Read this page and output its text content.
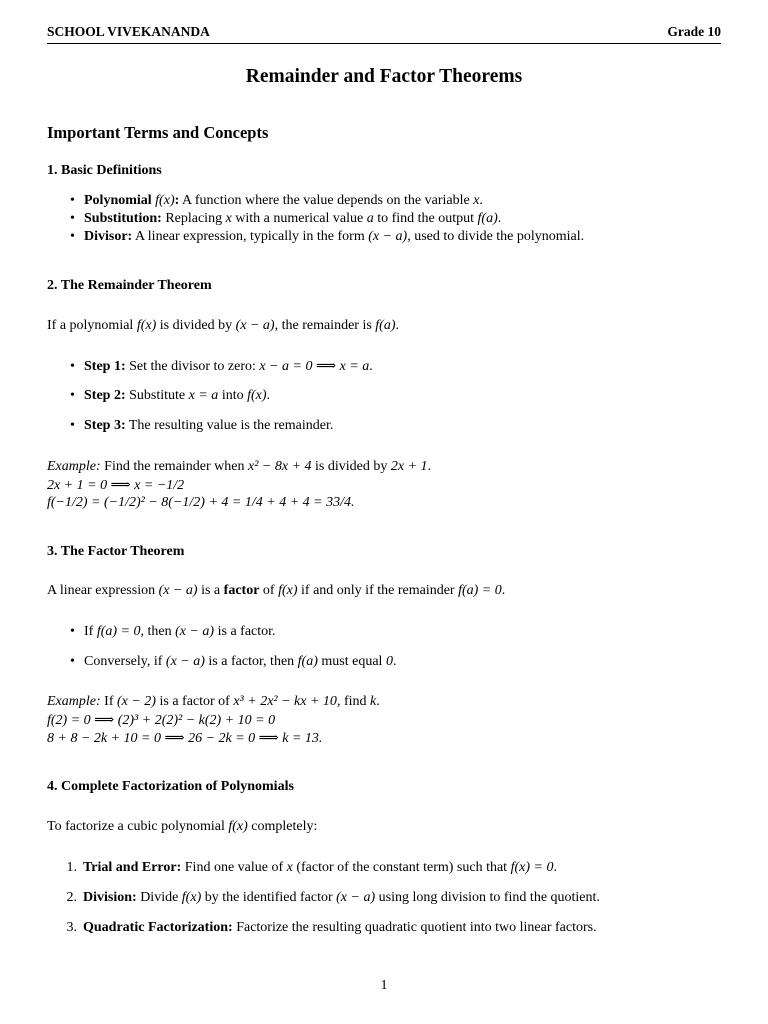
SCHOOL VIVEKANANDA	Grade 10
Remainder and Factor Theorems
Important Terms and Concepts
1. Basic Definitions
• Polynomial f(x): A function where the value depends on the variable x.
• Substitution: Replacing x with a numerical value a to find the output f(a).
• Divisor: A linear expression, typically in the form (x − a), used to divide the polynomial.
2. The Remainder Theorem
If a polynomial f(x) is divided by (x − a), the remainder is f(a).
• Step 1: Set the divisor to zero: x − a = 0 ⟹ x = a.
• Step 2: Substitute x = a into f(x).
• Step 3: The resulting value is the remainder.
Example: Find the remainder when x² − 8x + 4 is divided by 2x + 1.
2x + 1 = 0 ⟹ x = −1/2
f(−1/2) = (−1/2)² − 8(−1/2) + 4 = 1/4 + 4 + 4 = 33/4.
3. The Factor Theorem
A linear expression (x − a) is a factor of f(x) if and only if the remainder f(a) = 0.
• If f(a) = 0, then (x − a) is a factor.
• Conversely, if (x − a) is a factor, then f(a) must equal 0.
Example: If (x − 2) is a factor of x³ + 2x² − kx + 10, find k.
f(2) = 0 ⟹ (2)³ + 2(2)² − k(2) + 10 = 0
8 + 8 − 2k + 10 = 0 ⟹ 26 − 2k = 0 ⟹ k = 13.
4. Complete Factorization of Polynomials
To factorize a cubic polynomial f(x) completely:
1. Trial and Error: Find one value of x (factor of the constant term) such that f(x) = 0.
2. Division: Divide f(x) by the identified factor (x − a) using long division to find the quotient.
3. Quadratic Factorization: Factorize the resulting quadratic quotient into two linear factors.
1
